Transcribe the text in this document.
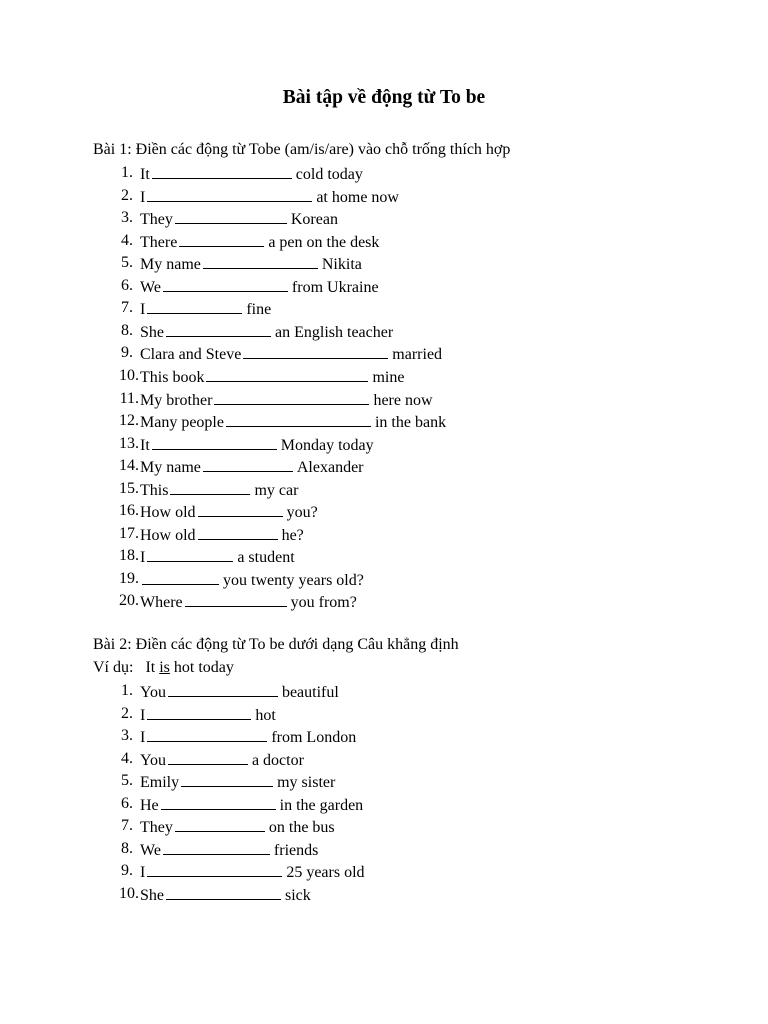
Bài tập về động từ To be
Bài 1: Điền các động từ Tobe (am/is/are) vào chỗ trống thích hợp
1. It	cold today
2. I	at home now
3. They	Korean
4. There	a pen on the desk
5. My name	Nikita
6. We	from Ukraine
7. I	fine
8. She	an English teacher
9. Clara and Steve	married
10. This book	mine
11. My brother	here now
12. Many people	in the bank
13. It	Monday today
14. My name	Alexander
15. This	my car
16. How old	you?
17. How old	he?
18. I	a student
19.	you twenty years old?
20. Where	you from?
Bài 2: Điền các động từ To be dưới dạng Câu khẳng định
Ví dụ: It is hot today
1. You	beautiful
2. I	hot
3. I	from London
4. You	a doctor
5. Emily	my sister
6. He	in the garden
7. They	on the bus
8. We	friends
9. I	25 years old
10. She	sick
